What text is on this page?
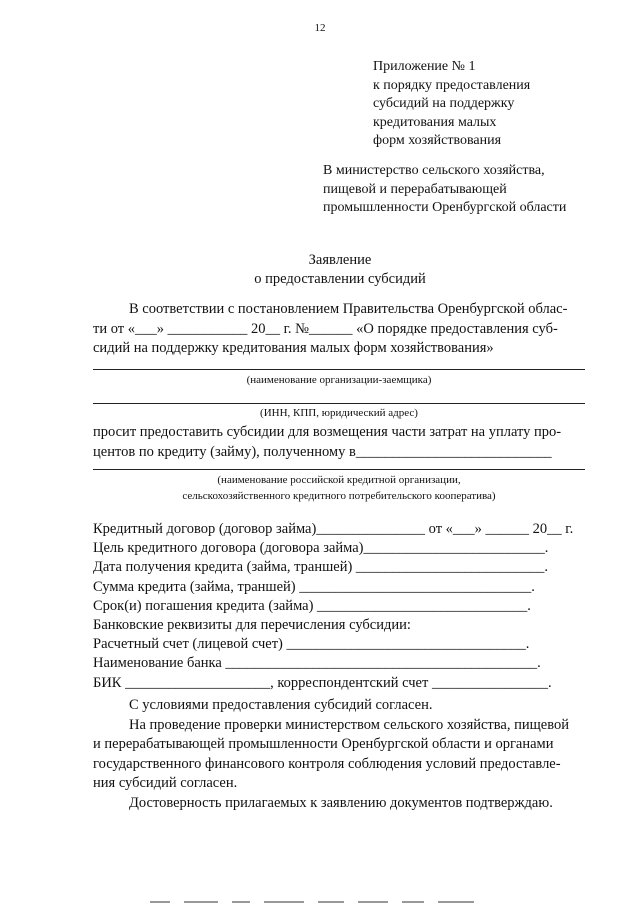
12
Приложение № 1
к порядку предоставления
субсидий на поддержку
кредитования малых
форм хозяйствования
В министерство сельского хозяйства,
пищевой и перерабатывающей
промышленности Оренбургской области
Заявление
о предоставлении субсидий
В соответствии с постановлением Правительства Оренбургской облас-
ти от «___» ___________ 20__ г. №______ «О порядке предоставления суб-
сидий на поддержку кредитования малых форм хозяйствования»
(наименование организации-заемщика)
(ИНН, КПП, юридический адрес)
просит предоставить субсидии для возмещения части затрат на уплату про-
центов по кредиту (займу), полученному в___________________________
(наименование российской кредитной организации,
сельскохозяйственного кредитного потребительского кооператива)
Кредитный договор (договор займа)_______________ от «___» ______ 20__ г.
Цель кредитного договора (договора займа)_________________________.
Дата получения кредита (займа, траншей) __________________________.
Сумма кредита (займа, траншей) ________________________________.
Срок(и) погашения кредита (займа) _____________________________.
Банковские реквизиты для перечисления субсидии:
Расчетный счет (лицевой счет) _________________________________.
Наименование банка ___________________________________________.
БИК ____________________, корреспондентский счет ________________.
С условиями предоставления субсидий согласен.
На проведение проверки министерством сельского хозяйства, пищевой
и перерабатывающей промышленности Оренбургской области и органами
государственного финансового контроля соблюдения условий предоставле-
ния субсидий согласен.
Достоверность прилагаемых к заявлению документов подтверждаю.
